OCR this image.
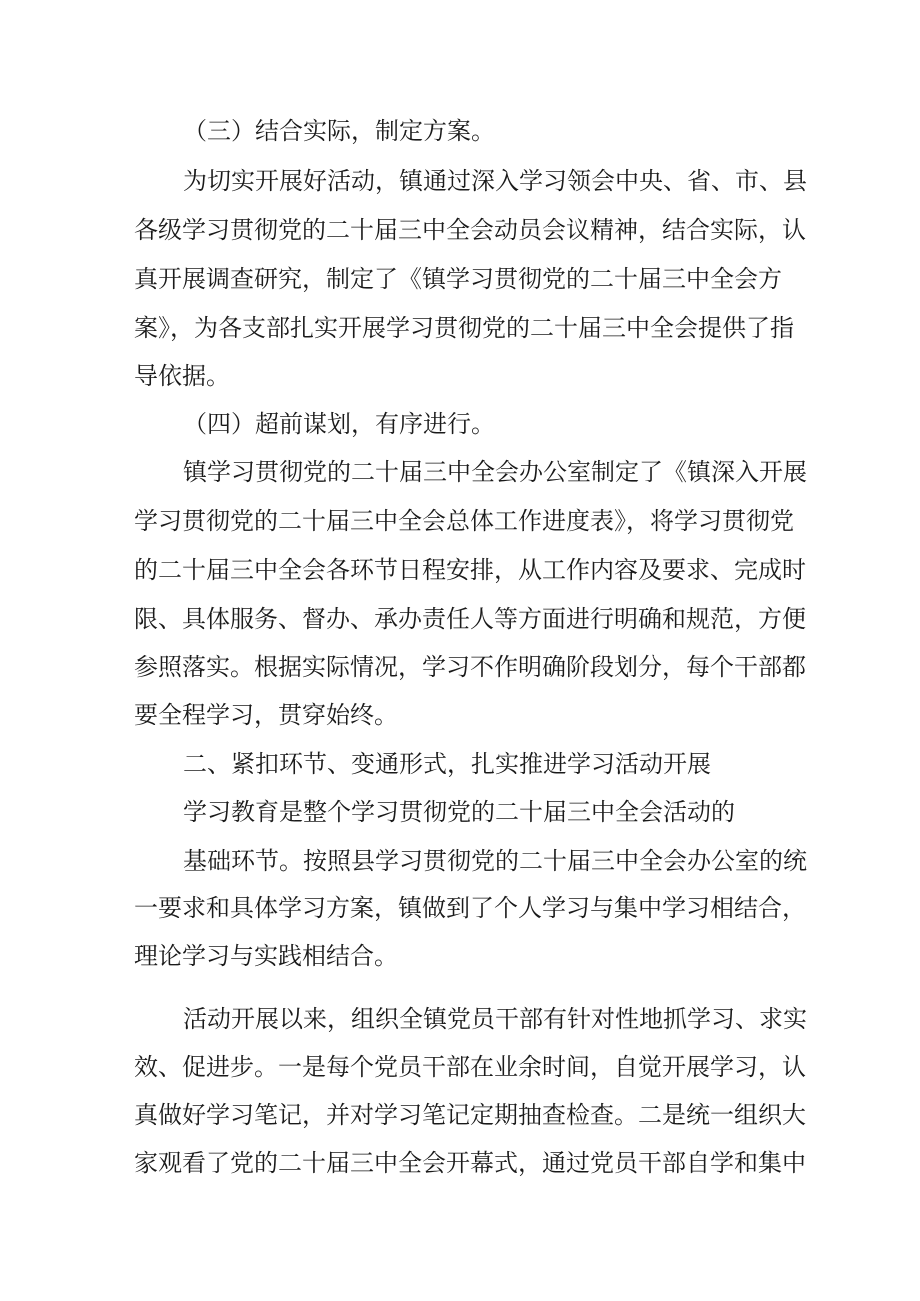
（三）结合实际，制定方案。
为切实开展好活动，镇通过深入学习领会中央、省、市、县
各级学习贯彻党的二十届三中全会动员会议精神，结合实际，认
真开展调查研究，制定了《镇学习贯彻党的二十届三中全会方
案》，为各支部扎实开展学习贯彻党的二十届三中全会提供了指
导依据。
（四）超前谋划，有序进行。
镇学习贯彻党的二十届三中全会办公室制定了《镇深入开展
学习贯彻党的二十届三中全会总体工作进度表》，将学习贯彻党
的二十届三中全会各环节日程安排，从工作内容及要求、完成时
限、具体服务、督办、承办责任人等方面进行明确和规范，方便
参照落实。根据实际情况，学习不作明确阶段划分，每个干部都
要全程学习，贯穿始终。
二、紧扣环节、变通形式，扎实推进学习活动开展
学习教育是整个学习贯彻党的二十届三中全会活动的
基础环节。按照县学习贯彻党的二十届三中全会办公室的统
一要求和具体学习方案，镇做到了个人学习与集中学习相结合，
理论学习与实践相结合。
活动开展以来，组织全镇党员干部有针对性地抓学习、求实
效、促进步。一是每个党员干部在业余时间，自觉开展学习，认
真做好学习笔记，并对学习笔记定期抽查检查。二是统一组织大
家观看了党的二十届三中全会开幕式，通过党员干部自学和集中
